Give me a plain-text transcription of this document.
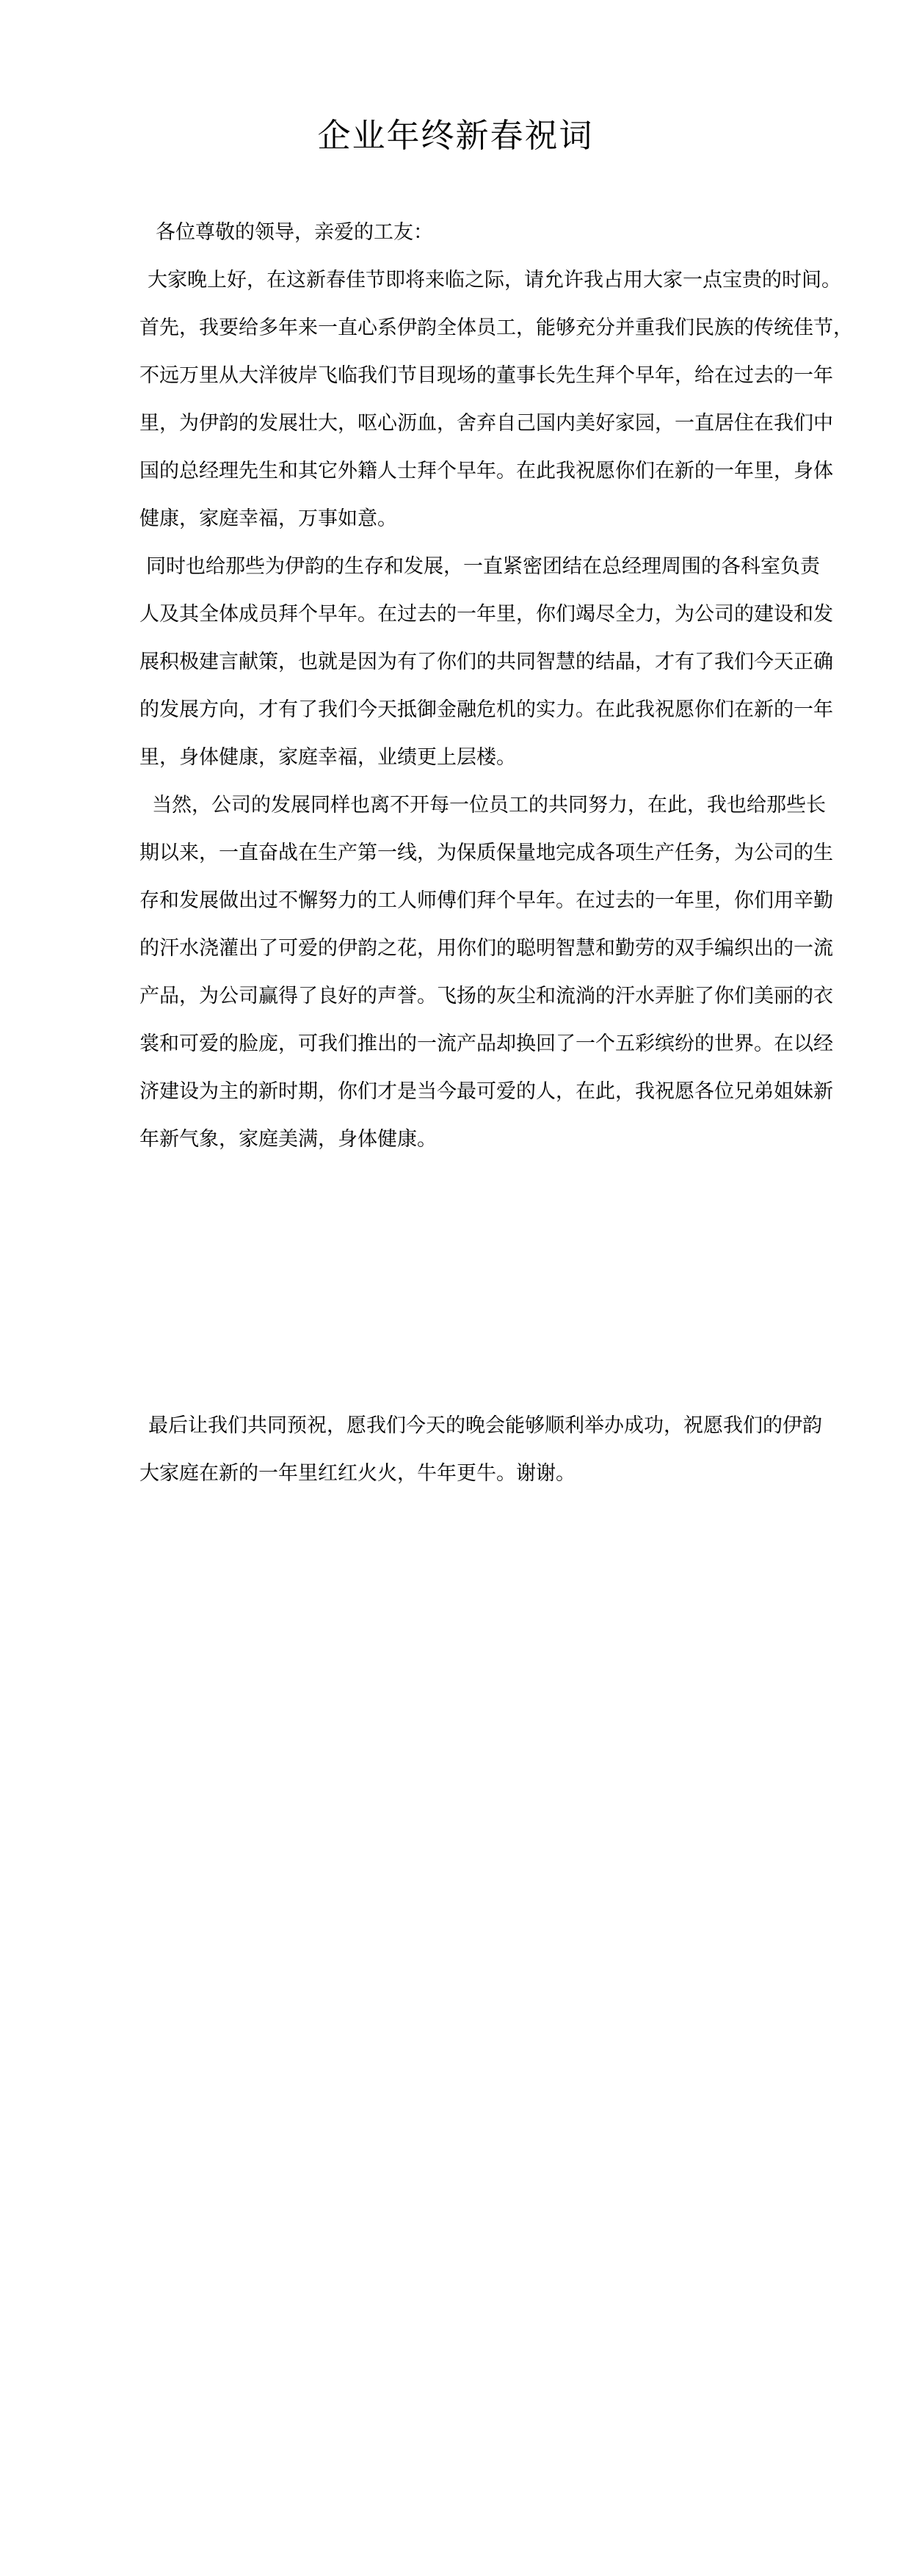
企业年终新春祝词

各位尊敬的领导，亲爱的工友：

大家晚上好，在这新春佳节即将来临之际，请允许我占用大家一点宝贵的时间。

首先，我要给多年来一直心系伊韵全体员工，能够充分并重我们民族的传统佳节，
不远万里从大洋彼岸飞临我们节目现场的董事长先生拜个早年，给在过去的一年
里，为伊韵的发展壮大，呕心沥血，舍弃自己国内美好家园，一直居住在我们中
国的总经理先生和其它外籍人士拜个早年。在此我祝愿你们在新的一年里，身体
健康，家庭幸福，万事如意。

同时也给那些为伊韵的生存和发展，一直紧密团结在总经理周围的各科室负责
人及其全体成员拜个早年。在过去的一年里，你们竭尽全力，为公司的建设和发
展积极建言献策，也就是因为有了你们的共同智慧的结晶，才有了我们今天正确
的发展方向，才有了我们今天抵御金融危机的实力。在此我祝愿你们在新的一年
里，身体健康，家庭幸福，业绩更上层楼。

当然，公司的发展同样也离不开每一位员工的共同努力，在此，我也给那些长
期以来，一直奋战在生产第一线，为保质保量地完成各项生产任务，为公司的生
存和发展做出过不懈努力的工人师傅们拜个早年。在过去的一年里，你们用辛勤
的汗水浇灌出了可爱的伊韵之花，用你们的聪明智慧和勤劳的双手编织出的一流
产品，为公司赢得了良好的声誉。飞扬的灰尘和流淌的汗水弄脏了你们美丽的衣
裳和可爱的脸庞，可我们推出的一流产品却换回了一个五彩缤纷的世界。在以经
济建设为主的新时期，你们才是当今最可爱的人，在此，我祝愿各位兄弟姐妹新
年新气象，家庭美满，身体健康。

最后让我们共同预祝，愿我们今天的晚会能够顺利举办成功，祝愿我们的伊韵
大家庭在新的一年里红红火火，牛年更牛。谢谢。
